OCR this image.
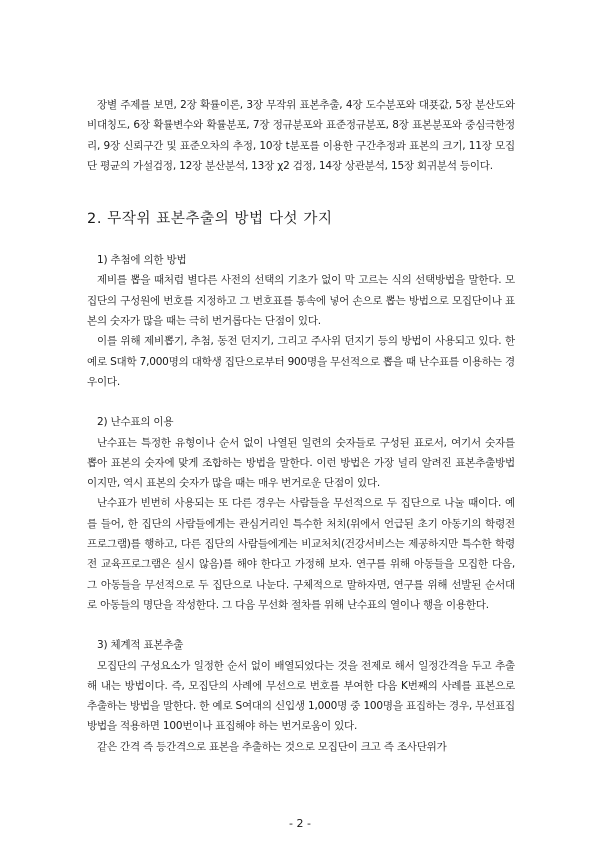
장별 주제를 보면, 2장 확률이론, 3장 무작위 표본추출, 4장 도수분포와 대푯값, 5장 분산도와 비대칭도, 6장 확률변수와 확률분포, 7장 정규분포와 표준정규분포, 8장 표본분포와 중심극한정리, 9장 신뢰구간 및 표준오차의 추정, 10장 t분포를 이용한 구간추정과 표본의 크기, 11장 모집단 평균의 가설검정, 12장 분산분석, 13장 χ2 검정, 14장 상관분석, 15장 회귀분석 등이다.

2. 무작위 표본추출의 방법 다섯 가지

1) 추첨에 의한 방법

제비를 뽑을 때처럼 별다른 사전의 선택의 기초가 없이 막 고르는 식의 선택방법을 말한다. 모집단의 구성원에 번호를 지정하고 그 번호표를 통속에 넣어 손으로 뽑는 방법으로 모집단이나 표본의 숫자가 많을 때는 극히 번거롭다는 단점이 있다.

이를 위해 제비뽑기, 추첨, 동전 던지기, 그리고 주사위 던지기 등의 방법이 사용되고 있다. 한 예로 S대학 7,000명의 대학생 집단으로부터 900명을 무선적으로 뽑을 때 난수표를 이용하는 경우이다.

2) 난수표의 이용

난수표는 특정한 유형이나 순서 없이 나열된 일련의 숫자들로 구성된 표로서, 여기서 숫자를 뽑아 표본의 숫자에 맞게 조합하는 방법을 말한다. 이런 방법은 가장 널리 알려진 표본추출방법이지만, 역시 표본의 숫자가 많을 때는 매우 번거로운 단점이 있다.

난수표가 빈번히 사용되는 또 다른 경우는 사람들을 무선적으로 두 집단으로 나눌 때이다. 예를 들어, 한 집단의 사람들에게는 관심거리인 특수한 처치(위에서 언급된 초기 아동기의 학령전 프로그램)를 행하고, 다른 집단의 사람들에게는 비교처치(건강서비스는 제공하지만 특수한 학령전 교육프로그램은 실시 않음)를 해야 한다고 가정해 보자. 연구를 위해 아동들을 모집한 다음, 그 아동들을 무선적으로 두 집단으로 나눈다. 구체적으로 말하자면, 연구를 위해 선발된 순서대로 아동들의 명단을 작성한다. 그 다음 무선화 절차를 위해 난수표의 열이나 행을 이용한다.

3) 체계적 표본추출

모집단의 구성요소가 일정한 순서 없이 배열되었다는 것을 전제로 해서 일정간격을 두고 추출해 내는 방법이다. 즉, 모집단의 사례에 무선으로 번호를 부여한 다음 K번째의 사례를 표본으로 추출하는 방법을 말한다. 한 예로 S여대의 신입생 1,000명 중 100명을 표집하는 경우, 무선표집방법을 적용하면 100번이나 표집해야 하는 번거로움이 있다.

같은 간격 즉 등간격으로 표본을 추출하는 것으로 모집단이 크고 즉 조사단위가

- 2 -
